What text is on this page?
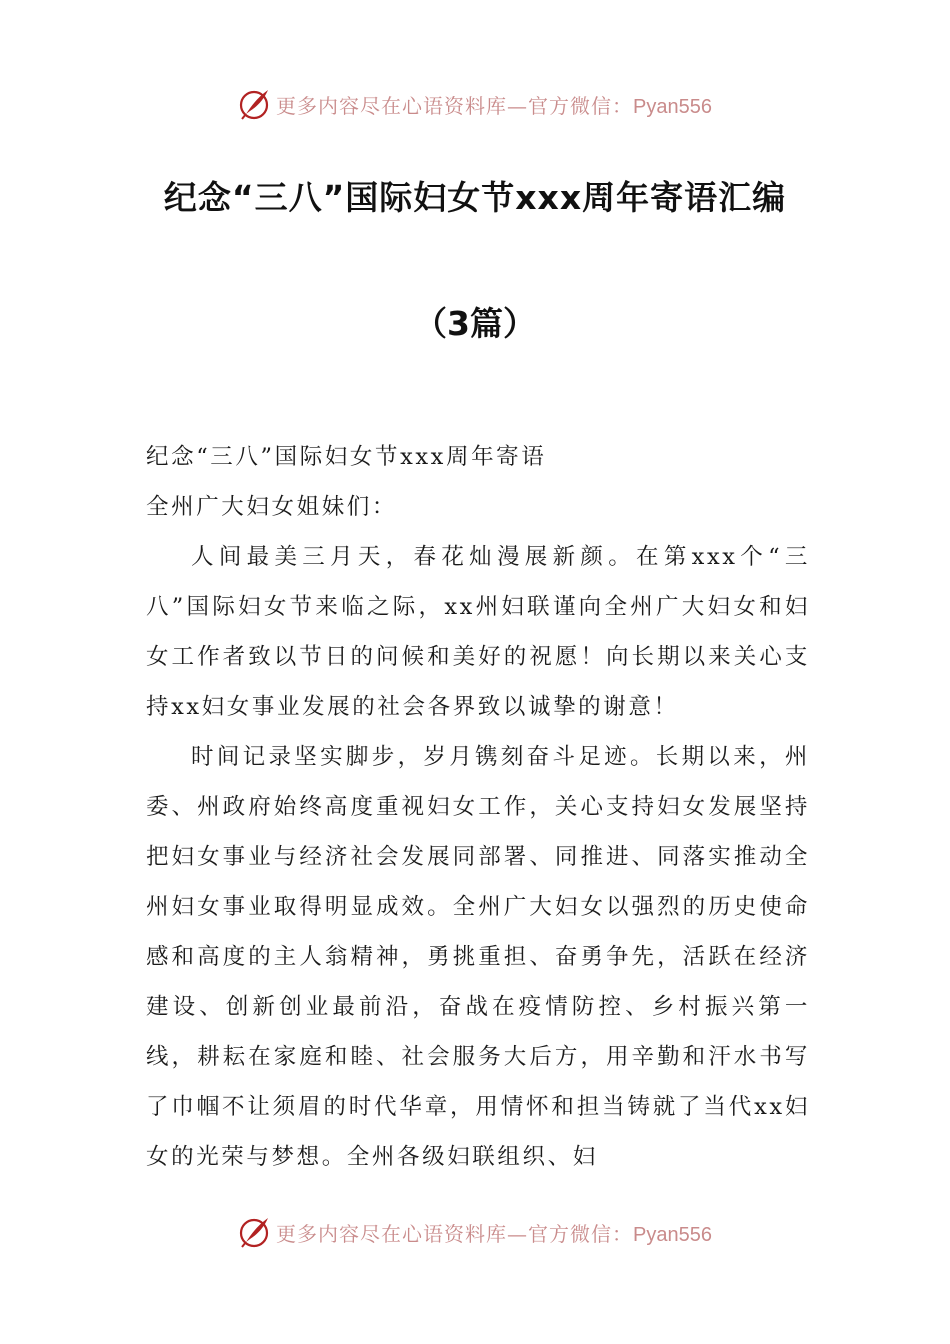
更多内容尽在心语资料库—官方微信：Pyan556
纪念“三八”国际妇女节xxx周年寄语汇编
（3篇）

纪念“三八”国际妇女节xxx周年寄语

全州广大妇女姐妹们：

人间最美三月天，春花灿漫展新颜。在第xxx个“三八”国际妇女节来临之际，xx州妇联谨向全州广大妇女和妇女工作者致以节日的问候和美好的祝愿！向长期以来关心支持xx妇女事业发展的社会各界致以诚挚的谢意！

时间记录坚实脚步，岁月镌刻奋斗足迹。长期以来，州委、州政府始终高度重视妇女工作，关心支持妇女发展坚持把妇女事业与经济社会发展同部署、同推进、同落实推动全州妇女事业取得明显成效。全州广大妇女以强烈的历史使命感和高度的主人翁精神，勇挑重担、奋勇争先，活跃在经济建设、创新创业最前沿，奋战在疫情防控、乡村振兴第一线，耕耘在家庭和睦、社会服务大后方，用辛勤和汗水书写了巾帼不让须眉的时代华章，用情怀和担当铸就了当代xx妇女的光荣与梦想。全州各级妇联组织、妇

更多内容尽在心语资料库—官方微信：Pyan556
